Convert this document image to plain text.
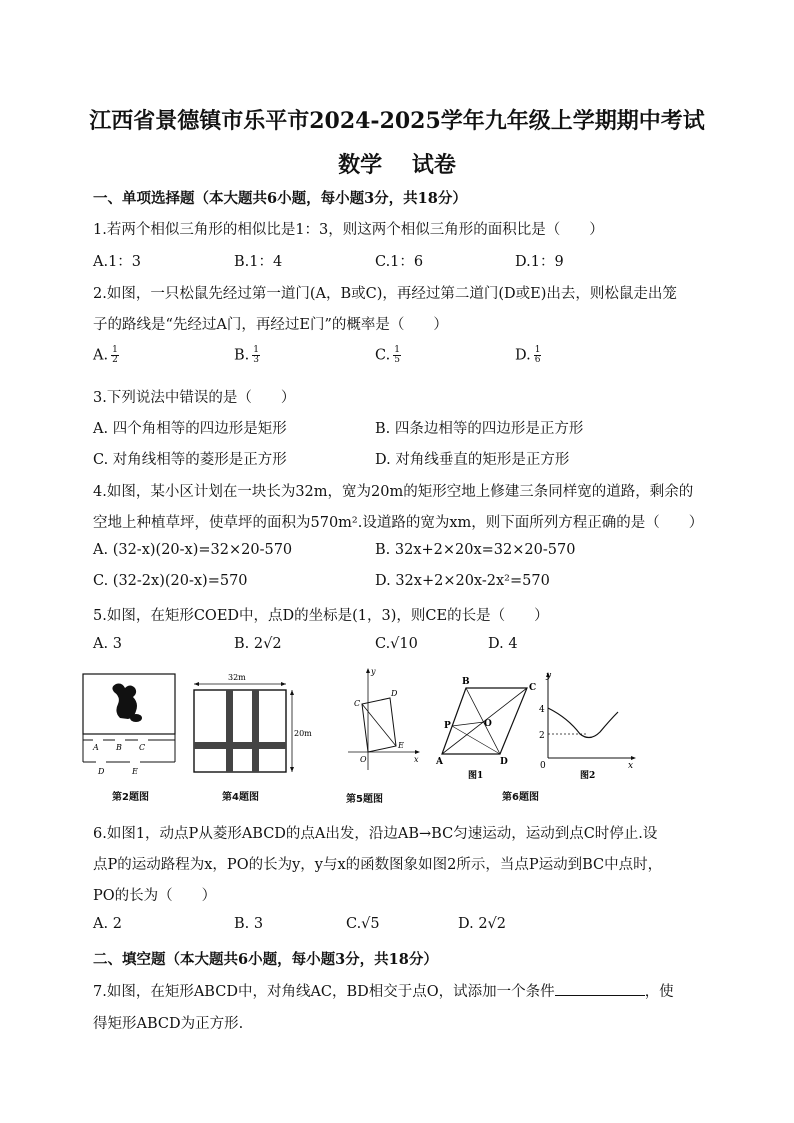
江西省景德镇市乐平市2024-2025学年九年级上学期期中考试
数学　 试卷
一、单项选择题（本大题共6小题，每小题3分，共18分）
1.若两个相似三角形的相似比是1：3，则这两个相似三角形的面积比是（　　）
A.1：3	B.1：4	C.1：6	D.1：9
2.如图，一只松鼠先经过第一道门(A，B或C)，再经过第二道门(D或E)出去，则松鼠走出笼
子的路线是“先经过A门，再经过E门”的概率是（　　）
A. $\frac{1}{2}$	B. $\frac{1}{3}$	C. $\frac{1}{5}$	D. $\frac{1}{6}$
3.下列说法中错误的是（　　）
A. 四个角相等的四边形是矩形	B. 四条边相等的四边形是正方形
C. 对角线相等的菱形是正方形	D. 对角线垂直的矩形是正方形
4.如图，某小区计划在一块长为32m，宽为20m的矩形空地上修建三条同样宽的道路，剩余的
空地上种植草坪，使草坪的面积为570m².设道路的宽为xm，则下面所列方程正确的是（　　）
A. (32-x)(20-x)=32×20-570	B. 32x+2×20x=32×20-570
C. (32-2x)(20-x)=570	D. 32x+2×20x-2x²=570
5.如图，在矩形COED中，点D的坐标是(1，3)，则CE的长是（　　）
A. 3	B. 2√2	C.√10	D. 4
A B C
D	E
第2题图
32m
20m
第4题图
y
C
D
O
E
x
第5题图
B
C
P	O
A	D
图1
y
x
4
2
0
图2
第6题图
6.如图1，动点P从菱形ABCD的点A出发，沿边AB→BC匀速运动，运动到点C时停止.设
点P的运动路程为x，PO的长为y，y与x的函数图象如图2所示，当点P运动到BC中点时，
PO的长为（　　）
A. 2	B. 3	C.√5	D. 2√2
二、填空题（本大题共6小题，每小题3分，共18分）
7.如图，在矩形ABCD中，对角线AC，BD相交于点O，试添加一个条件	，使
得矩形ABCD为正方形.
